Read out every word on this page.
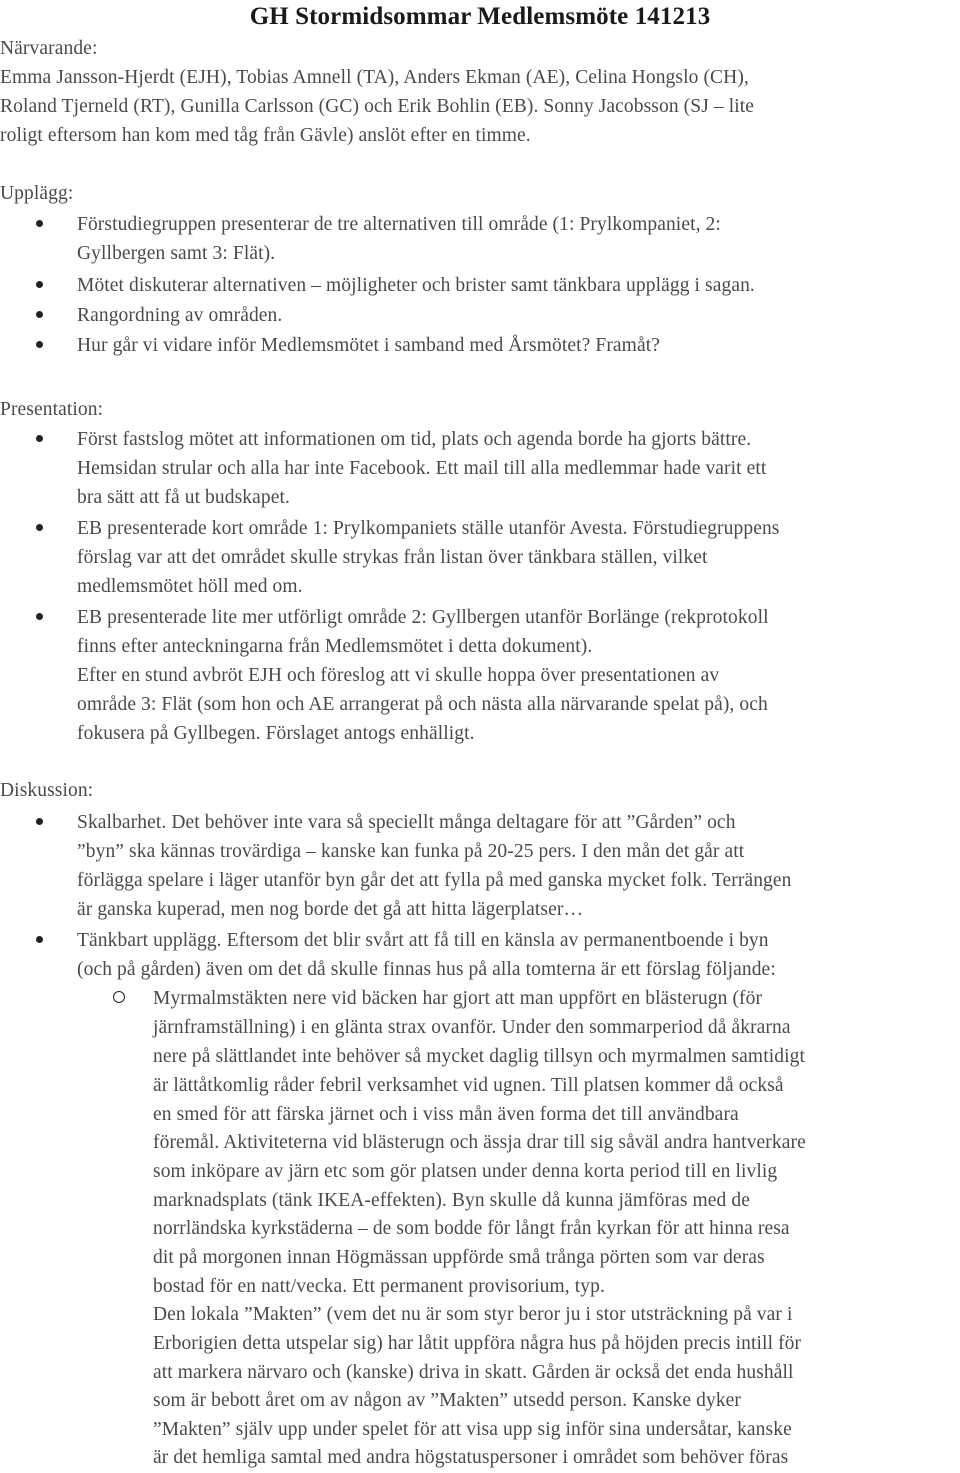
GH Stormidsommar Medlemsmöte 141213
Närvarande:
Emma Jansson-Hjerdt (EJH), Tobias Amnell (TA), Anders Ekman (AE), Celina Hongslo (CH),
Roland Tjerneld (RT), Gunilla Carlsson (GC) och Erik Bohlin (EB). Sonny Jacobsson (SJ – lite
roligt eftersom han kom med tåg från Gävle) anslöt efter en timme.
Upplägg:
Förstudiegruppen presenterar de tre alternativen till område (1: Prylkompaniet, 2:
Gyllbergen samt 3: Flät).
Mötet diskuterar alternativen – möjligheter och brister samt tänkbara upplägg i sagan.
Rangordning av områden.
Hur går vi vidare inför Medlemsmötet i samband med Årsmötet? Framåt?
Presentation:
Först fastslog mötet att informationen om tid, plats och agenda borde ha gjorts bättre.
Hemsidan strular och alla har inte Facebook. Ett mail till alla medlemmar hade varit ett
bra sätt att få ut budskapet.
EB presenterade kort område 1: Prylkompaniets ställe utanför Avesta. Förstudiegruppens
förslag var att det området skulle strykas från listan över tänkbara ställen, vilket
medlemsmötet höll med om.
EB presenterade lite mer utförligt område 2: Gyllbergen utanför Borlänge (rekprotokoll
finns efter anteckningarna från Medlemsmötet i detta dokument).
Efter en stund avbröt EJH och föreslog att vi skulle hoppa över presentationen av
område 3: Flät (som hon och AE arrangerat på och nästa alla närvarande spelat på), och
fokusera på Gyllbegen. Förslaget antogs enhälligt.
Diskussion:
Skalbarhet. Det behöver inte vara så speciellt många deltagare för att ”Gården” och
”byn” ska kännas trovärdiga – kanske kan funka på 20-25 pers. I den mån det går att
förlägga spelare i läger utanför byn går det att fylla på med ganska mycket folk. Terrängen
är ganska kuperad, men nog borde det gå att hitta lägerplatser…
Tänkbart upplägg. Eftersom det blir svårt att få till en känsla av permanentboende i byn
(och på gården) även om det då skulle finnas hus på alla tomterna är ett förslag följande:
Myrmalmstäkten nere vid bäcken har gjort att man uppfört en blästerugn (för
järnframställning) i en glänta strax ovanför. Under den sommarperiod då åkrarna
nere på slättlandet inte behöver så mycket daglig tillsyn och myrmalmen samtidigt
är lättåtkomlig råder febril verksamhet vid ugnen. Till platsen kommer då också
en smed för att färska järnet och i viss mån även forma det till användbara
föremål. Aktiviteterna vid blästerugn och ässja drar till sig såväl andra hantverkare
som inköpare av järn etc som gör platsen under denna korta period till en livlig
marknadsplats (tänk IKEA-effekten). Byn skulle då kunna jämföras med de
norrländska kyrkstäderna – de som bodde för långt från kyrkan för att hinna resa
dit på morgonen innan Högmässan uppförde små trånga pörten som var deras
bostad för en natt/vecka. Ett permanent provisorium, typ.
Den lokala ”Makten” (vem det nu är som styr beror ju i stor utsträckning på var i
Erborigien detta utspelar sig) har låtit uppföra några hus på höjden precis intill för
att markera närvaro och (kanske) driva in skatt. Gården är också det enda hushåll
som är bebott året om av någon av ”Makten” utsedd person. Kanske dyker
”Makten” själv upp under spelet för att visa upp sig inför sina undersåtar, kanske
är det hemliga samtal med andra högstatuspersoner i området som behöver föras
